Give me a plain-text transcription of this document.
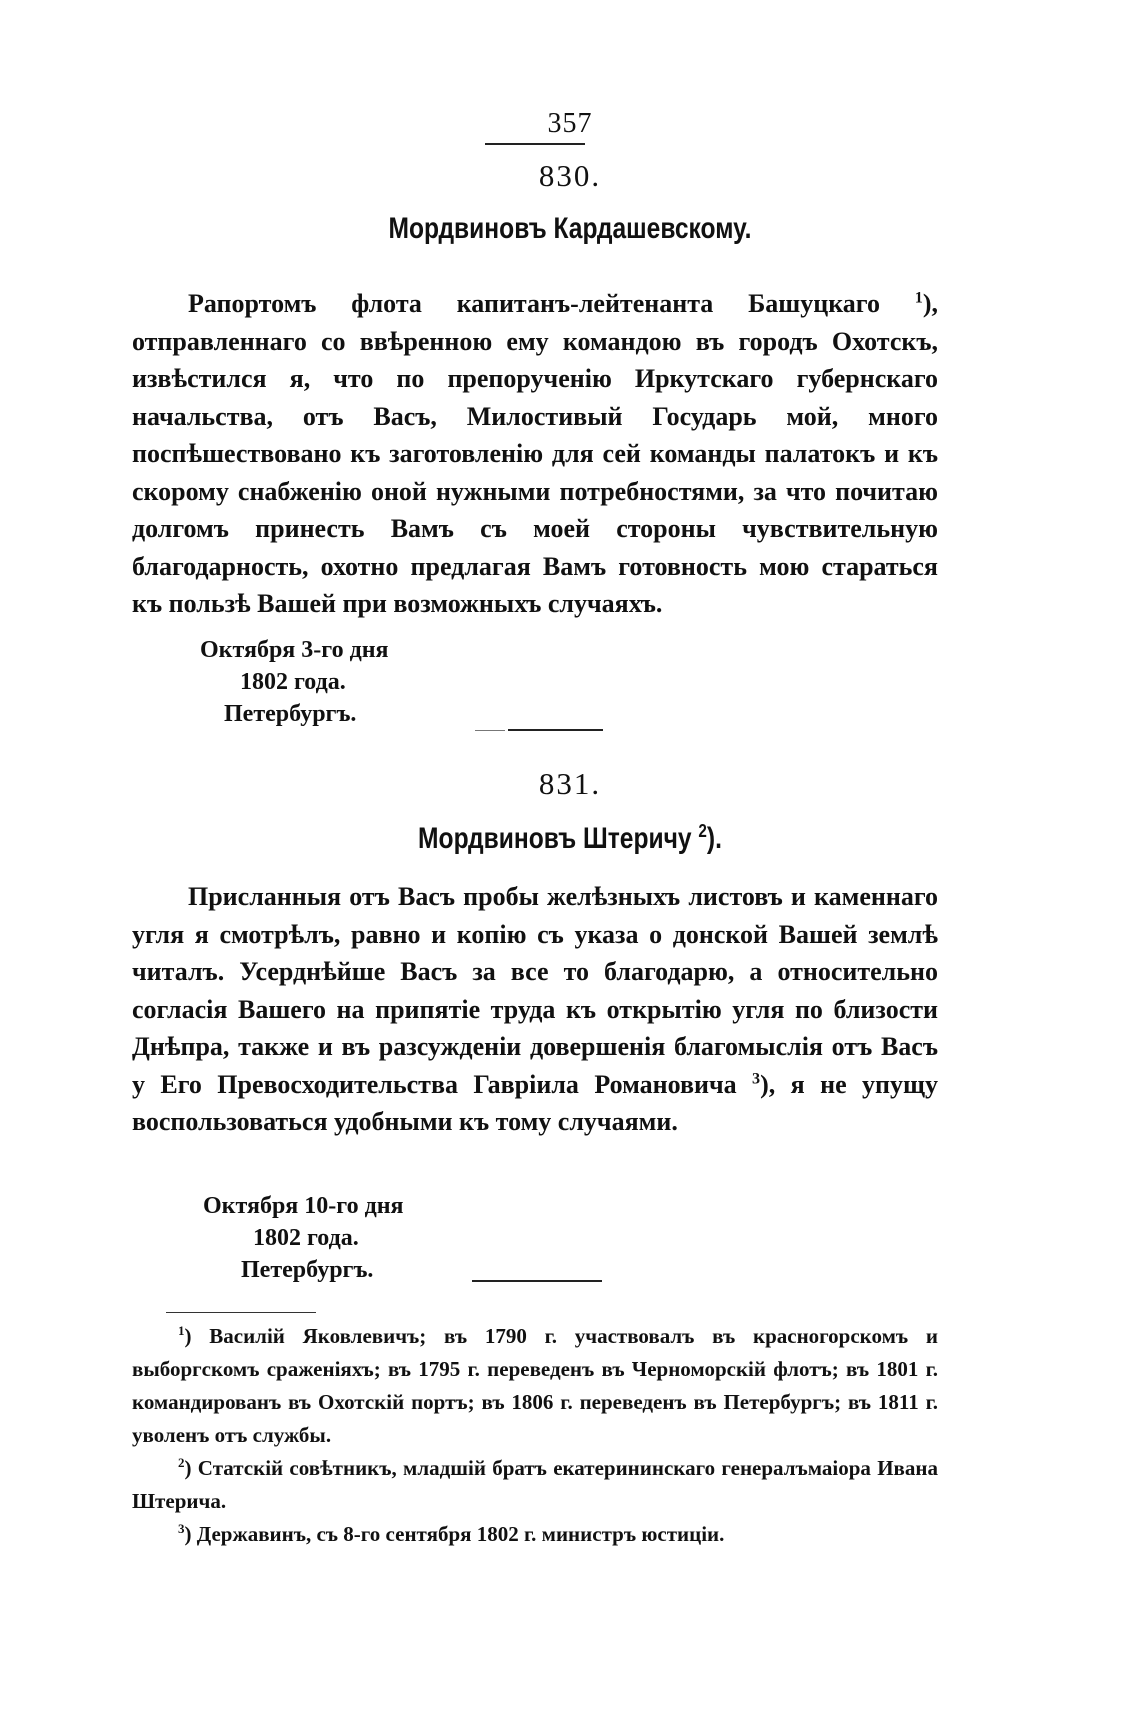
357
830.
Мордвиновъ Кардашевскому.
Рапортомъ флота капитанъ-лейтенанта Башуцкаго $^1$), отправленнаго со ввѣренною ему командою въ городъ Охотскъ, извѣстился я, что по препорученію Иркутскаго губернскаго начальства, отъ Васъ, Милостивый Государь мой, много поспѣшествовано къ заготовленію для сей команды палатокъ и къ скорому снабженію оной нужными потребностями, за что почитаю долгомъ принесть Вамъ съ моей стороны чувствительную благодарность, охотно предлагая Вамъ готовность мою стараться къ пользѣ Вашей при возможныхъ случаяхъ.
Октября 3-го дня
1802 года.
Петербургъ.
831.
Мордвиновъ Штеричу $^2$).
Присланныя отъ Васъ пробы желѣзныхъ листовъ и каменнаго угля я смотрѣлъ, равно и копію съ указа о донской Вашей землѣ читалъ. Усерднѣйше Васъ за все то благодарю, а относительно согласія Вашего на припятіе труда къ открытію угля по близости Днѣпра, также и въ разсужденіи довершенія благомыслія отъ Васъ у Его Превосходительства Гавріила Романовича $^3$), я не упущу воспользоваться удобными къ тому случаями.
Октября 10-го дня
1802 года.
Петербургъ.

$^1$) Василій Яковлевичъ; въ 1790 г. участвовалъ въ красногорскомъ и выборгскомъ сраженіяхъ; въ 1795 г. переведенъ въ Черноморскій флотъ; въ 1801 г. командированъ въ Охотскій портъ; въ 1806 г. переведенъ въ Петербургъ; въ 1811 г. уволенъ отъ службы.

$^2$) Статскій совѣтникъ, младшій братъ екатерининскаго генералъмаіора Ивана Штерича.

$^3$) Державинъ, съ 8-го сентября 1802 г. министръ юстиціи.
